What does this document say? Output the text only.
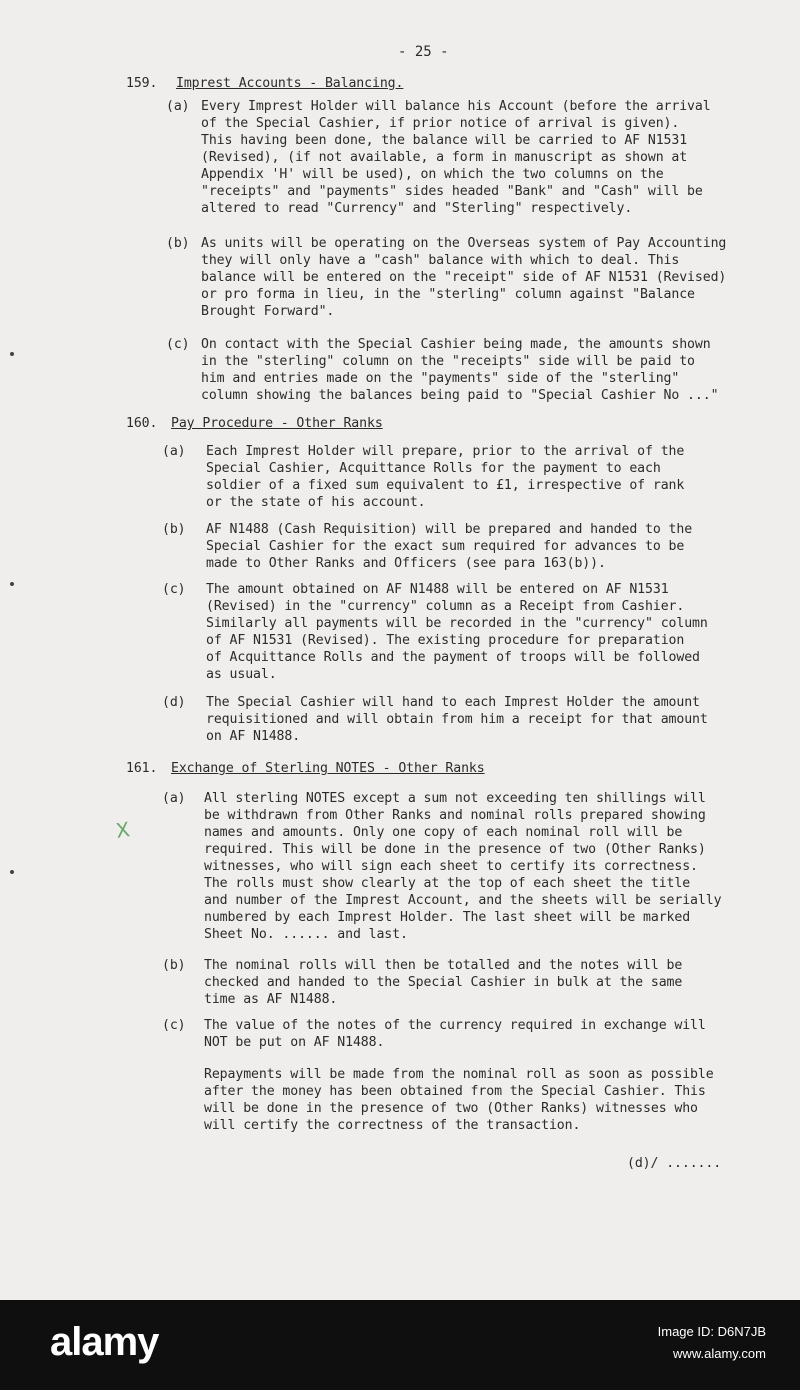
- 25 -
159. Imprest Accounts - Balancing.
(a) Every Imprest Holder will balance his Account (before the arrival
of the Special Cashier, if prior notice of arrival is given).
This having been done, the balance will be carried to AF N1531
(Revised), (if not available, a form in manuscript as shown at
Appendix 'H' will be used), on which the two columns on the
"receipts" and "payments" sides headed "Bank" and "Cash" will be
altered to read "Currency" and "Sterling" respectively.
(b) As units will be operating on the Overseas system of Pay Accounting
they will only have a "cash" balance with which to deal. This
balance will be entered on the "receipt" side of AF N1531 (Revised)
or pro forma in lieu, in the "sterling" column against "Balance
Brought Forward".
(c) On contact with the Special Cashier being made, the amounts shown
in the "sterling" column on the "receipts" side will be paid to
him and entries made on the "payments" side of the "sterling"
column showing the balances being paid to "Special Cashier No ..."
160. Pay Procedure - Other Ranks
(a) Each Imprest Holder will prepare, prior to the arrival of the
Special Cashier, Acquittance Rolls for the payment to each
soldier of a fixed sum equivalent to £1, irrespective of rank
or the state of his account.
(b) AF N1488 (Cash Requisition) will be prepared and handed to the
Special Cashier for the exact sum required for advances to be
made to Other Ranks and Officers (see para 163(b)).
(c) The amount obtained on AF N1488 will be entered on AF N1531
(Revised) in the "currency" column as a Receipt from Cashier.
Similarly all payments will be recorded in the "currency" column
of AF N1531 (Revised). The existing procedure for preparation
of Acquittance Rolls and the payment of troops will be followed
as usual.
(d) The Special Cashier will hand to each Imprest Holder the amount
requisitioned and will obtain from him a receipt for that amount
on AF N1488.
161. Exchange of Sterling NOTES - Other Ranks
X
(a) All sterling NOTES except a sum not exceeding ten shillings will
be withdrawn from Other Ranks and nominal rolls prepared showing
names and amounts. Only one copy of each nominal roll will be
required. This will be done in the presence of two (Other Ranks)
witnesses, who will sign each sheet to certify its correctness.
The rolls must show clearly at the top of each sheet the title
and number of the Imprest Account, and the sheets will be serially
numbered by each Imprest Holder. The last sheet will be marked
Sheet No. ...... and last.
(b) The nominal rolls will then be totalled and the notes will be
checked and handed to the Special Cashier in bulk at the same
time as AF N1488.
(c) The value of the notes of the currency required in exchange will
NOT be put on AF N1488.
Repayments will be made from the nominal roll as soon as possible
after the money has been obtained from the Special Cashier. This
will be done in the presence of two (Other Ranks) witnesses who
will certify the correctness of the transaction.
(d)/ .......
alamy	Image ID: D6N7JB
www.alamy.com
